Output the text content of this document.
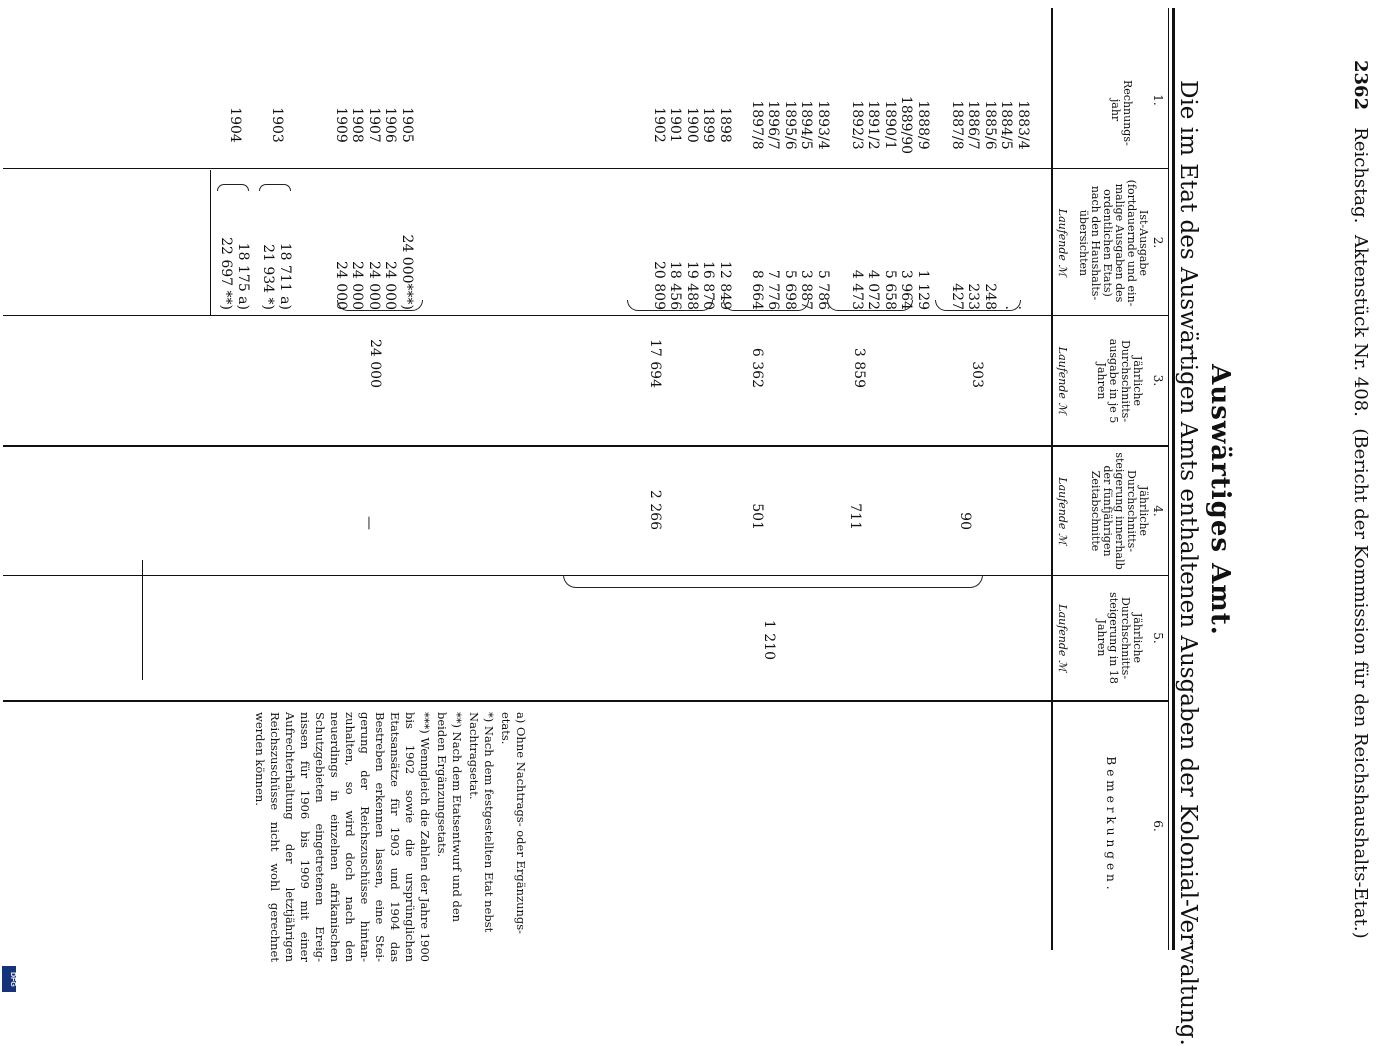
DFG
2362   Reichstag.  Aktenstück Nr. 408.  (Bericht der Kommission für den Reichshaushalts-Etat.)
Auswärtiges Amt.
Die im Etat des Auswärtigen Amts enthaltenen Ausgaben der Kolonial-Verwaltung.
1.
2.
3.
4.
5.
6.
Rechnungs- jahr
Ist-Ausgabe (fortdauernde und ein- malige Ausgaben des ordentlichen Etats) nach den Haushalts- übersichten
Jährliche Durchschnitts- ausgabe in je 5 Jahren
Jährliche Durchschnitts- steigerung innerhalb der fünfjährigen Zeitabschnitte
Jährliche Durchschnitts- steigerung in 18 Jahren
Bemerkungen.
Laufende ℳ
Laufende ℳ
Laufende ℳ
Laufende ℳ
1883/4
.
1884/5
·
1885/6
248
1886/7
233
1887/8
427
1888/9
1 129
1889/90
3 964
1890/1
5 658
1891/2
4 072
1892/3
4 473
1893/4
5 786
1894/5
3 887
1895/6
5 698
1896/7
7 776
1897/8
8 664
1898
12 849
1899
16 870
1900
19 488
1901
18 456
1902
20 809
1905
24 000***)
1906
24 000
1907
24 000
1908
24 000
1909
24 000
1903
18 711 a)
21 934 *)
1904
18 175 a)
22 697 **)
303
3 859
6 362
17 694
24 000
90
711
501
2 266
—
1 210
a) Ohne Nachtrags- oder Ergänzungs- etats.
*) Nach dem festgestellten Etat nebst Nachtragsetat.
**) Nach dem Etatsentwurf und den beiden Ergänzungsetats.
***) Wenngleich die Zahlen der Jahre 1900 bis 1902 sowie die ursprünglichen Etatsansätze für 1903 und 1904 das Bestreben erkennen lassen, eine Stei- gerung der Reichszuschüsse hintan- zuhalten, so wird doch nach den neuerdings in einzelnen afrikanischen Schutzgebieten eingetretenen Ereig- nissen für 1906 bis 1909 mit einer Aufrechterhaltung der letztjährigen Reichszuschüsse nicht wohl gerechnet werden können.
